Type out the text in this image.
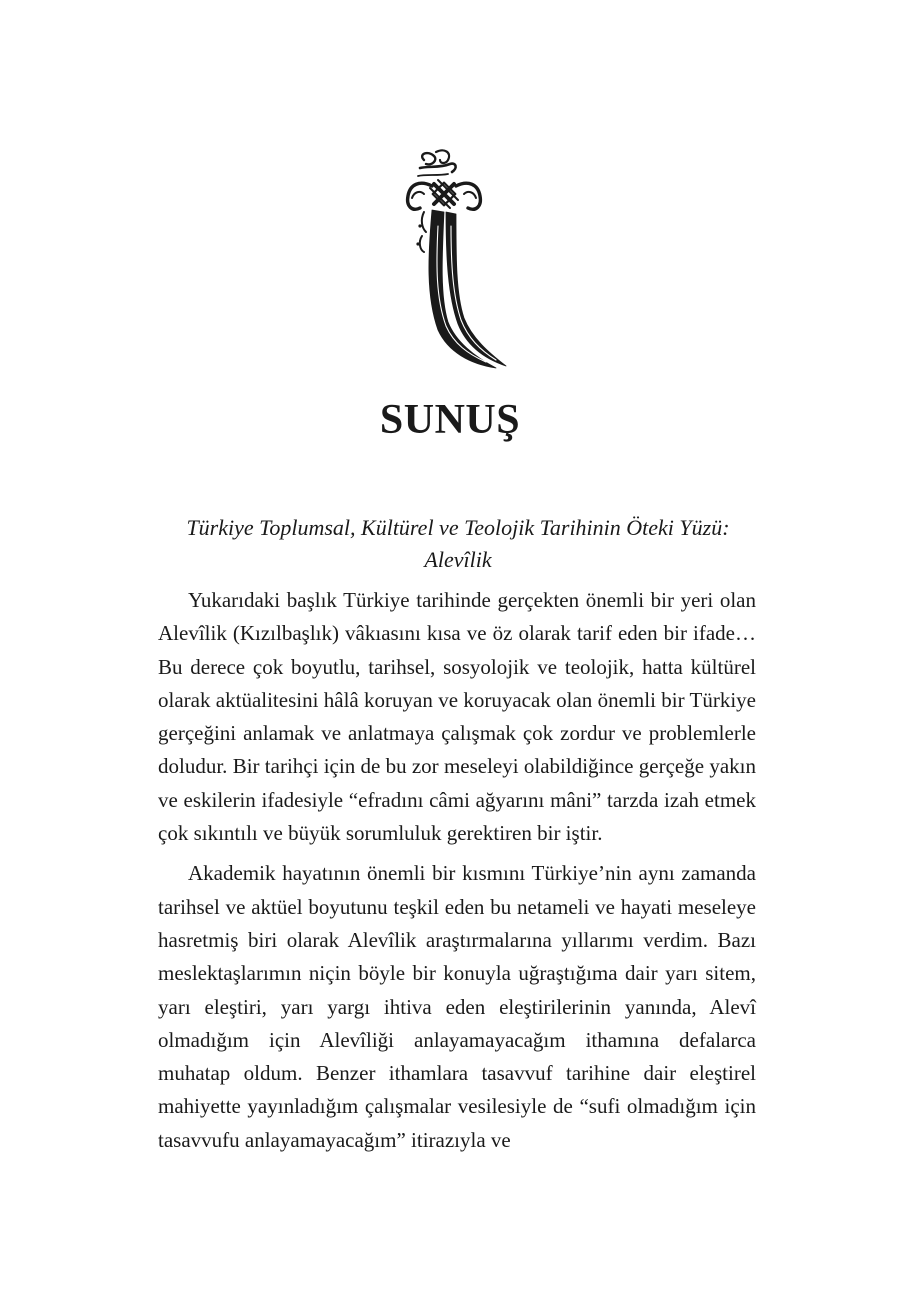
SUNUŞ
Türkiye Toplumsal, Kültürel ve Teolojik Tarihinin Öteki Yüzü:
Alevîlik

Yukarıdaki başlık Türkiye tarihinde gerçekten önemli bir yeri olan Alevîlik (Kızılbaşlık) vâkıasını kısa ve öz olarak tarif eden bir ifade… Bu derece çok boyutlu, tarihsel, sosyolojik ve teolojik, hatta kültürel olarak aktüalitesini hâlâ koruyan ve koruyacak olan önemli bir Türkiye gerçeğini anlamak ve anlatmaya çalışmak çok zordur ve problemlerle doludur. Bir tarihçi için de bu zor meseleyi olabildiğince gerçeğe yakın ve eskilerin ifadesiyle “efradını câmi ağyarını mâni” tarzda izah etmek çok sıkıntılı ve büyük sorumluluk gerektiren bir iştir.

Akademik hayatının önemli bir kısmını Türkiye’nin aynı zamanda tarihsel ve aktüel boyutunu teşkil eden bu netameli ve hayati meseleye hasretmiş biri olarak Alevîlik araştırmalarına yıllarımı verdim. Bazı meslektaşlarımın niçin böyle bir konuyla uğraştığıma dair yarı sitem, yarı eleştiri, yarı yargı ihtiva eden eleştirilerinin yanında, Alevî olmadığım için Alevîliği anlayamayacağım ithamına defalarca muhatap oldum. Benzer ithamlara tasavvuf tarihine dair eleştirel mahiyette yayınladığım çalışmalar vesilesiyle de “sufi olmadığım için tasavvufu anlayamayacağım” itirazıyla ve
